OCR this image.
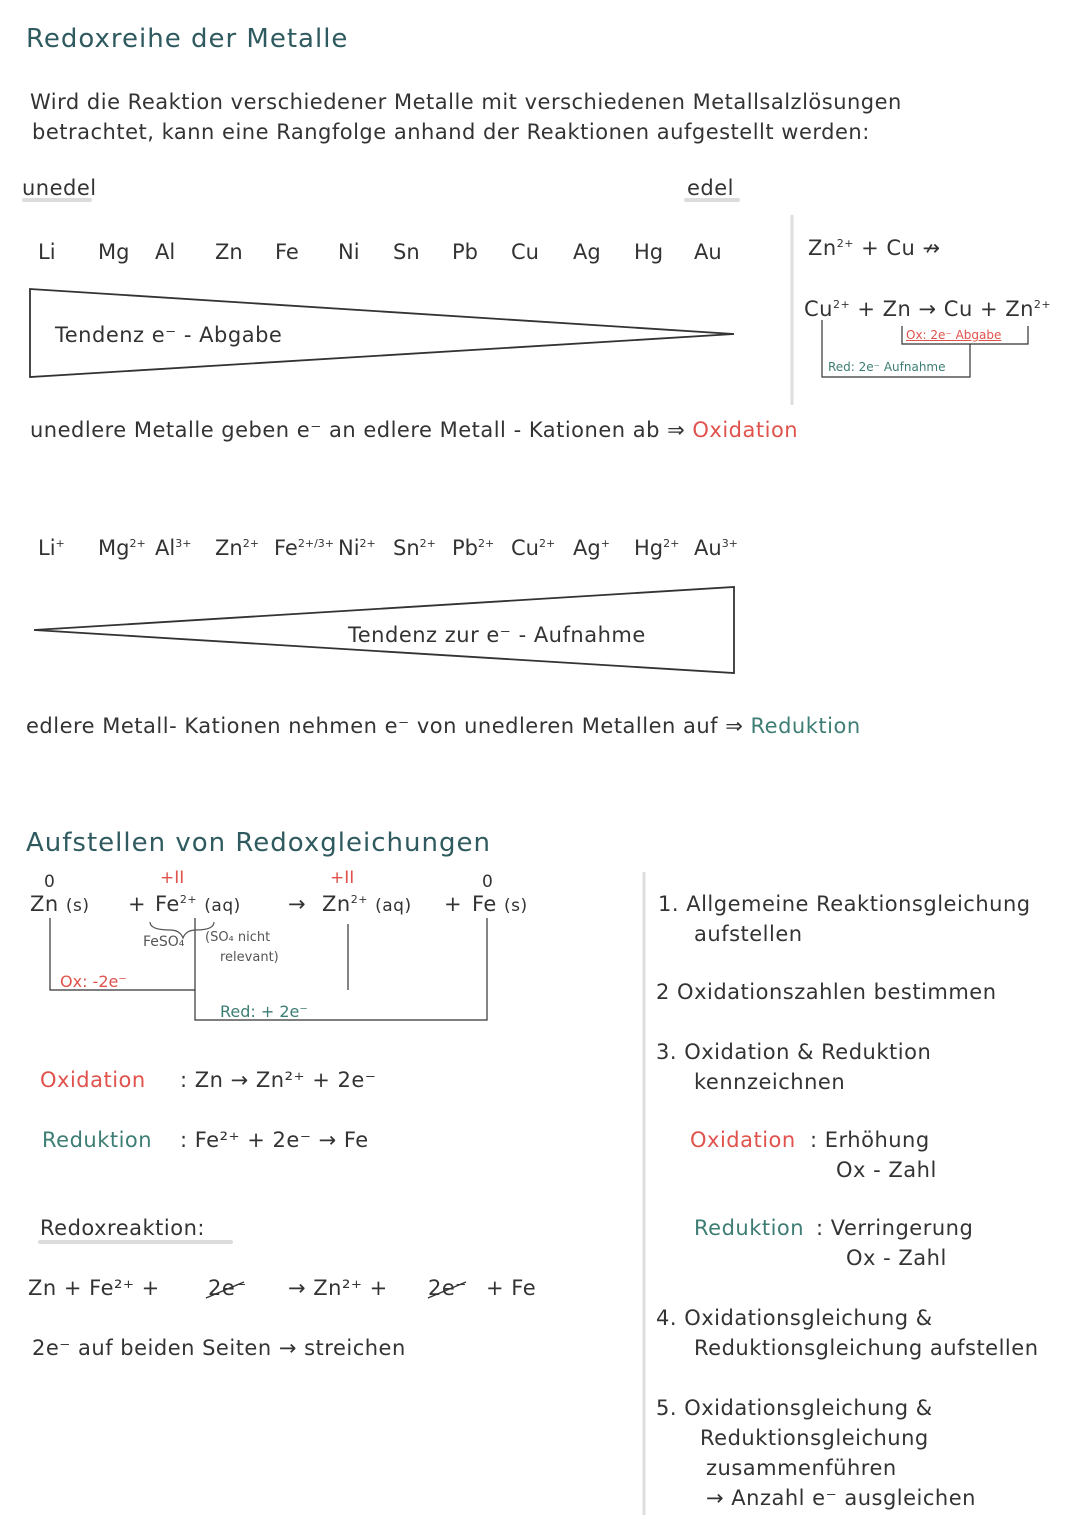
Redoxreihe der Metalle
Wird die Reaktion verschiedener Metalle mit verschiedenen Metallsalzlösungen
betrachtet, kann eine Rangfolge anhand der Reaktionen aufgestellt werden:
unedel	edel
Li Mg Al Zn Fe Ni Sn Pb Cu Ag Hg Au
Tendenz e⁻ - Abgabe
$Zn^{2+} + Cu$ ↛
$Cu^{2+} + Zn \to Cu + Zn^{2+}$
Ox: 2e⁻ Abgabe
Red: 2e⁻ Aufnahme
unedlere Metalle geben e⁻ an edlere Metall - Kationen ab ⇒ Oxidation
Li+ $Mg^{2+}$ $Al^{3+}$ $Zn^{2+}$ $Fe^{2+/3+}$ $Ni^{2+}$ $Sn^{2+}$ $Pb^{2+}$ $Cu^{2+}$ Ag+ $Hg^{2+}$ $Au^{3+}$
Tendenz zur e⁻ - Aufnahme
edlere Metall- Kationen nehmen e⁻ von unedleren Metallen auf ⇒ Reduktion
Aufstellen von Redoxgleichungen
0	+II	+II	0
Zn $(s) + Fe^{2+}$ $(aq) \to Zn^{2+}$ (aq) + Fe (s)
FeSO₄ (SO₄ nicht
relevant)
Ox: -2e⁻
Red: + 2e⁻
Oxidation : Zn → Zn²⁺ + 2e⁻
Reduktion : Fe²⁺ + 2e⁻ → Fe
Redoxreaktion:
Zn + Fe²⁺ + 2e⁻ → Zn²⁺ + 2e⁻ + Fe
2e⁻ auf beiden Seiten → streichen
1. Allgemeine Reaktionsgleichung
aufstellen
2 Oxidationszahlen bestimmen
3. Oxidation & Reduktion
kennzeichnen
Oxidation : Erhöhung
Ox - Zahl
Reduktion : Verringerung
Ox - Zahl
4. Oxidationsgleichung &
Reduktionsgleichung aufstellen
5. Oxidationsgleichung &
Reduktionsgleichung
zusammenführen
→ Anzahl e⁻ ausgleichen
